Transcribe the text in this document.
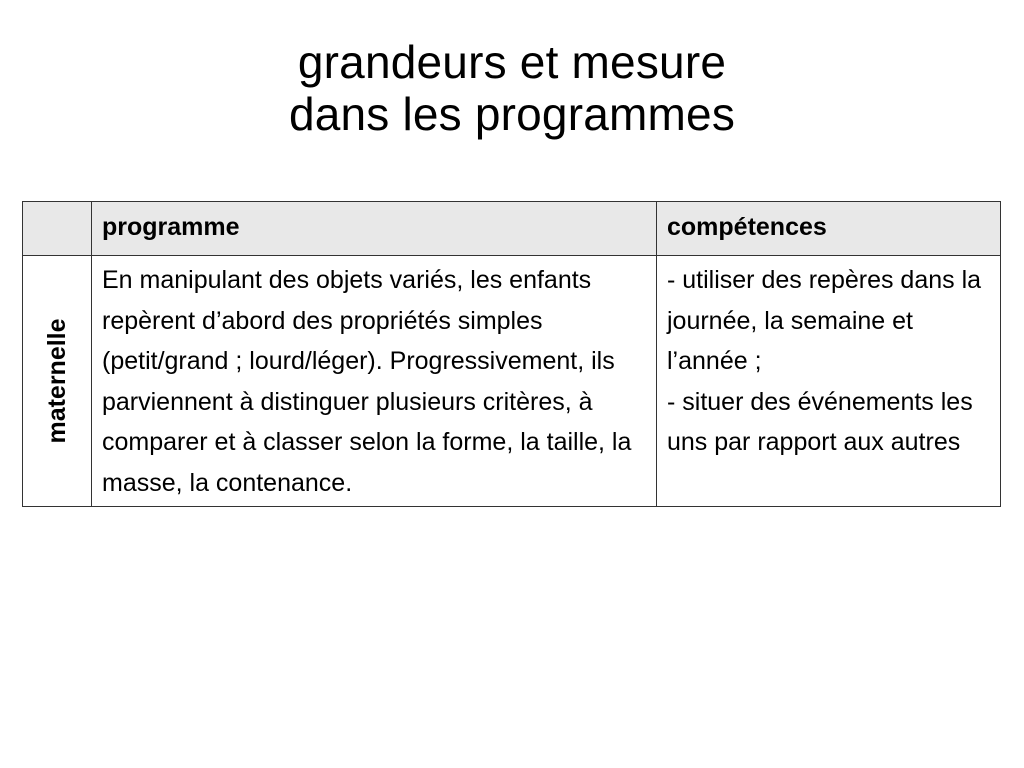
grandeurs et mesure
dans les programmes
	programme	compétences

maternelle	En manipulant des objets variés, les enfants repèrent d’abord des propriétés simples (petit/grand ; lourd/léger). Progressivement, ils parviennent à distinguer plusieurs critères, à comparer et à classer selon la forme, la taille, la masse, la contenance.	- utiliser des repères dans la journée, la semaine et l’année ;
- situer des événements les uns par rapport aux autres
